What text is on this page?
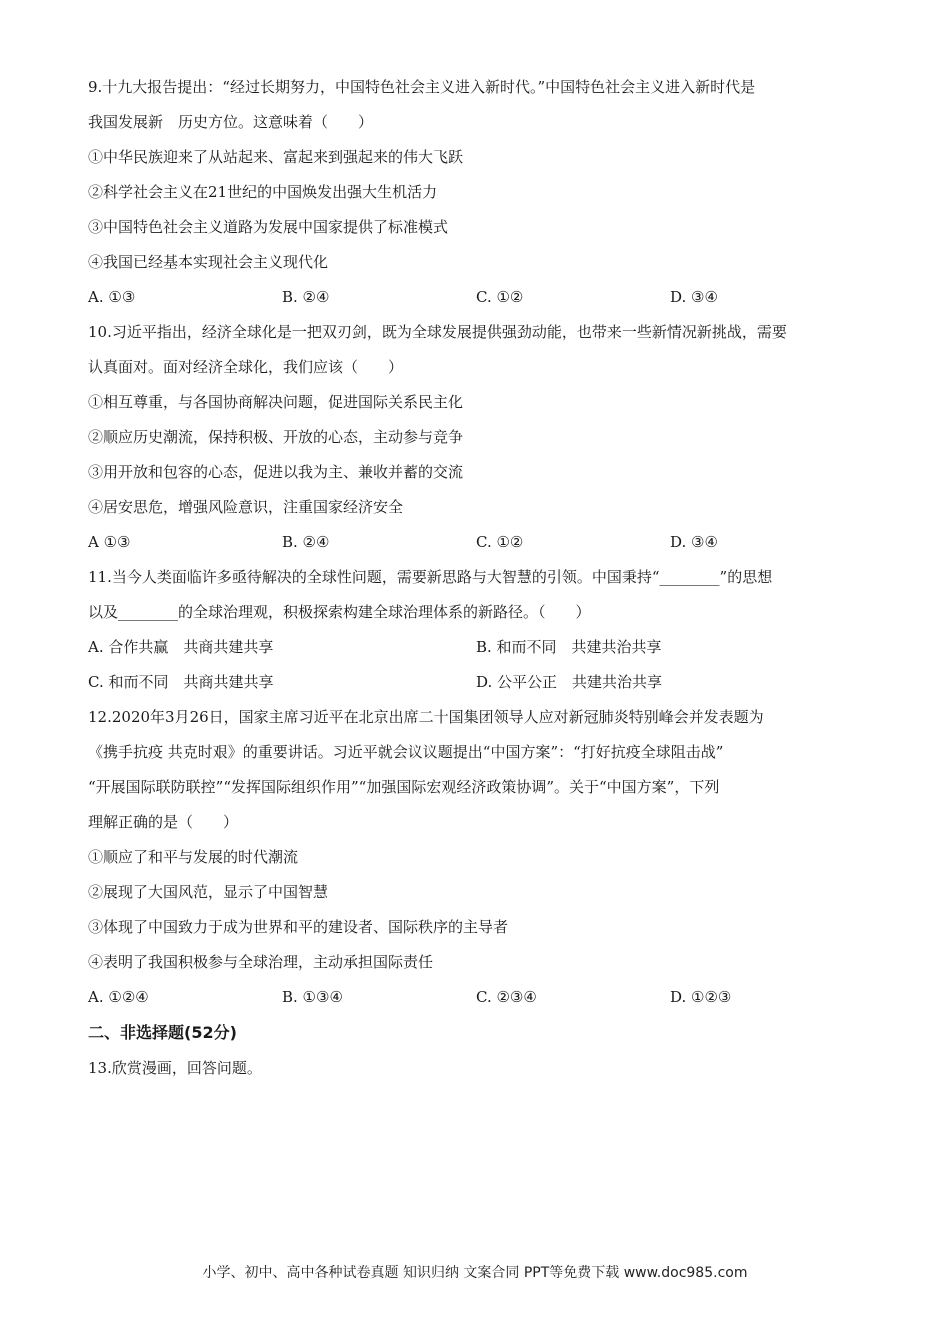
9.十九大报告提出：“经过长期努力，中国特色社会主义进入新时代。”中国特色社会主义进入新时代是
我国发展新　历史方位。这意味着（　　）
①中华民族迎来了从站起来、富起来到强起来的伟大飞跃
②科学社会主义在21世纪的中国焕发出强大生机活力
③中国特色社会主义道路为发展中国家提供了标准模式
④我国已经基本实现社会主义现代化
A. ①③	B. ②④	C. ①②	D. ③④
10.习近平指出，经济全球化是一把双刃剑，既为全球发展提供强劲动能，也带来一些新情况新挑战，需要
认真面对。面对经济全球化，我们应该（　　）
①相互尊重，与各国协商解决问题，促进国际关系民主化
②顺应历史潮流，保持积极、开放的心态，主动参与竞争
③用开放和包容的心态，促进以我为主、兼收并蓄的交流
④居安思危，增强风险意识，注重国家经济安全
A ①③	B. ②④	C. ①②	D. ③④
11.当今人类面临许多亟待解决的全球性问题，需要新思路与大智慧的引领。中国秉持“________”的思想
以及________的全球治理观，积极探索构建全球治理体系的新路径。（　　）
A. 合作共赢　共商共建共享	B. 和而不同　共建共治共享
C. 和而不同　共商共建共享	D. 公平公正　共建共治共享
12.2020年3月26日，国家主席习近平在北京出席二十国集团领导人应对新冠肺炎特别峰会并发表题为
《携手抗疫 共克时艰》的重要讲话。习近平就会议议题提出“中国方案”：“打好抗疫全球阻击战”
“开展国际联防联控”“发挥国际组织作用”“加强国际宏观经济政策协调”。关于“中国方案”，下列
理解正确的是（　　）
①顺应了和平与发展的时代潮流
②展现了大国风范，显示了中国智慧
③体现了中国致力于成为世界和平的建设者、国际秩序的主导者
④表明了我国积极参与全球治理，主动承担国际责任
A. ①②④	B. ①③④	C. ②③④	D. ①②③
二、非选择题(52分)
13.欣赏漫画，回答问题。
小学、初中、高中各种试卷真题 知识归纳 文案合同 PPT等免费下载 www.doc985.com
